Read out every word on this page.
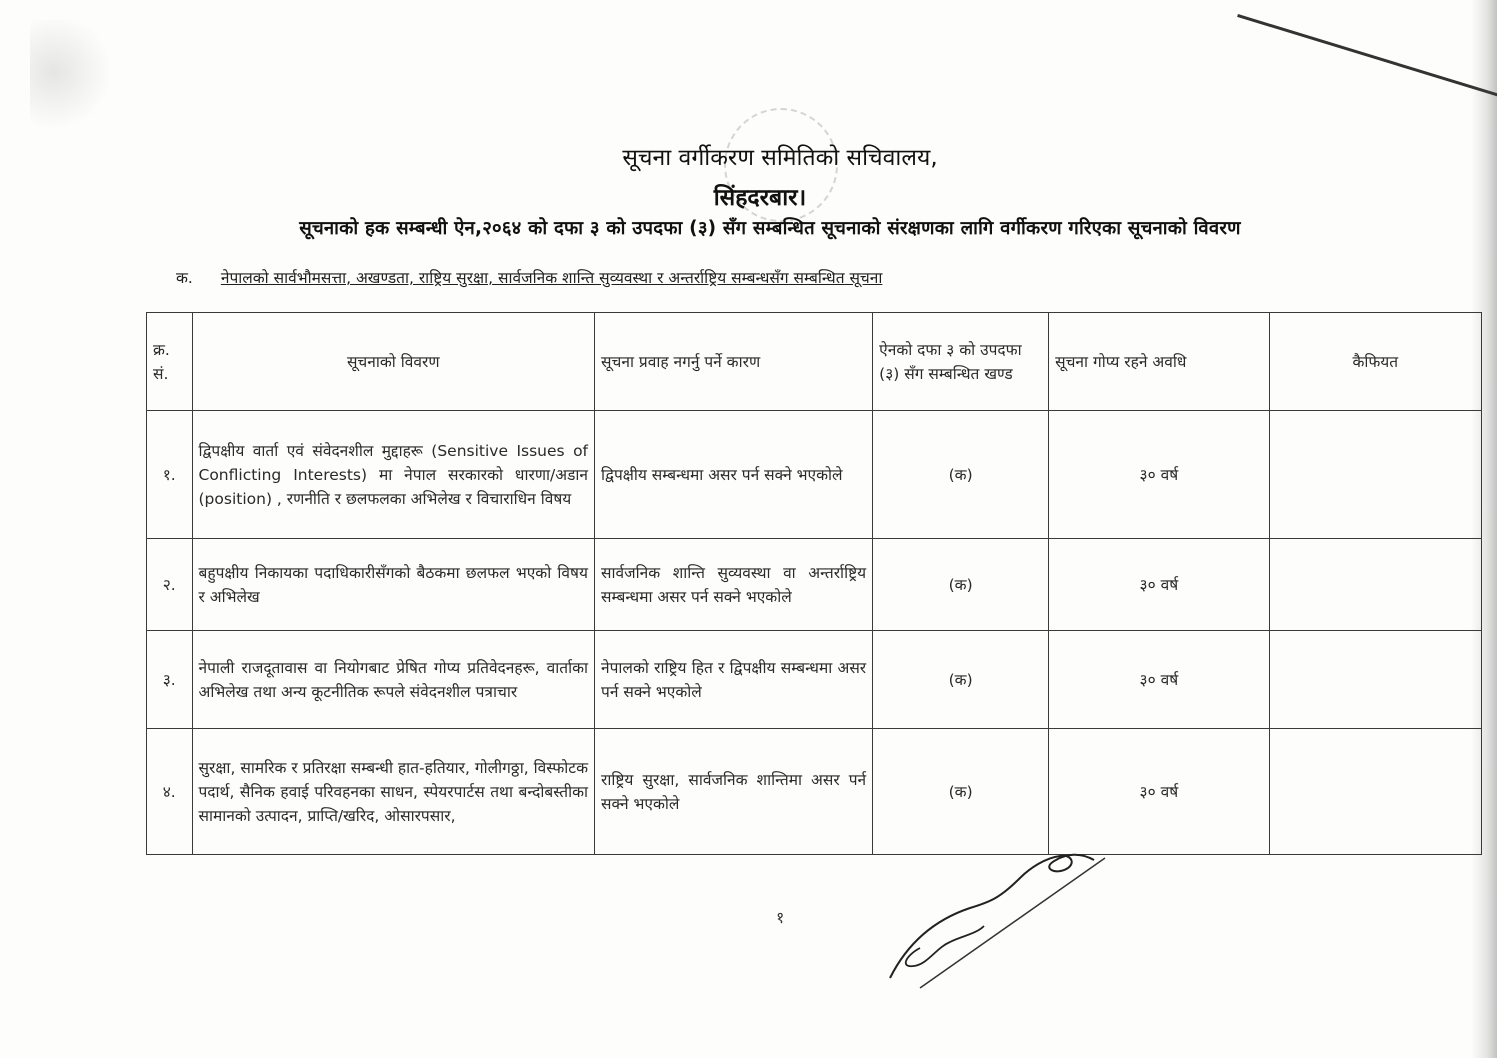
सूचना वर्गीकरण समितिको सचिवालय,
सिंहदरबार।
सूचनाको हक सम्बन्धी ऐन,२०६४ को दफा ३ को उपदफा (३) सँग सम्बन्धित सूचनाको संरक्षणका लागि वर्गीकरण गरिएका सूचनाको विवरण
क. नेपालको सार्वभौमसत्ता, अखण्डता, राष्ट्रिय सुरक्षा, सार्वजनिक शान्ति सुव्यवस्था र अन्तर्राष्ट्रिय सम्बन्धसँग सम्बन्धित सूचना
क्र. सं.	सूचनाको विवरण	सूचना प्रवाह नगर्नु पर्ने कारण	ऐनको दफा ३ को उपदफा (३) सँग सम्बन्धित खण्ड	सूचना गोप्य रहने अवधि	कैफियत
१.	द्विपक्षीय वार्ता एवं संवेदनशील मुद्दाहरू (Sensitive Issues of Conflicting Interests) मा नेपाल सरकारको धारणा/अडान (position) , रणनीति र छलफलका अभिलेख र विचाराधिन विषय	द्विपक्षीय सम्बन्धमा असर पर्न सक्ने भएकोले	(क)	३० वर्ष	
२.	बहुपक्षीय निकायका पदाधिकारीसँगको बैठकमा छलफल भएको विषय र अभिलेख	सार्वजनिक शान्ति सुव्यवस्था वा अन्तर्राष्ट्रिय सम्बन्धमा असर पर्न सक्ने भएकोले	(क)	३० वर्ष	
३.	नेपाली राजदूतावास वा नियोगबाट प्रेषित गोप्य प्रतिवेदनहरू, वार्ताका अभिलेख तथा अन्य कूटनीतिक रूपले संवेदनशील पत्राचार	नेपालको राष्ट्रिय हित र द्विपक्षीय सम्बन्धमा असर पर्न सक्ने भएकोले	(क)	३० वर्ष	
४.	सुरक्षा, सामरिक र प्रतिरक्षा सम्बन्धी हात-हतियार, गोलीगठ्ठा, विस्फोटक पदार्थ, सैनिक हवाई परिवहनका साधन, स्पेयरपार्टस तथा बन्दोबस्तीका सामानको उत्पादन, प्राप्ति/खरिद, ओसारपसार,	राष्ट्रिय सुरक्षा, सार्वजनिक शान्तिमा असर पर्न सक्ने भएकोले	(क)	३० वर्ष	
१
